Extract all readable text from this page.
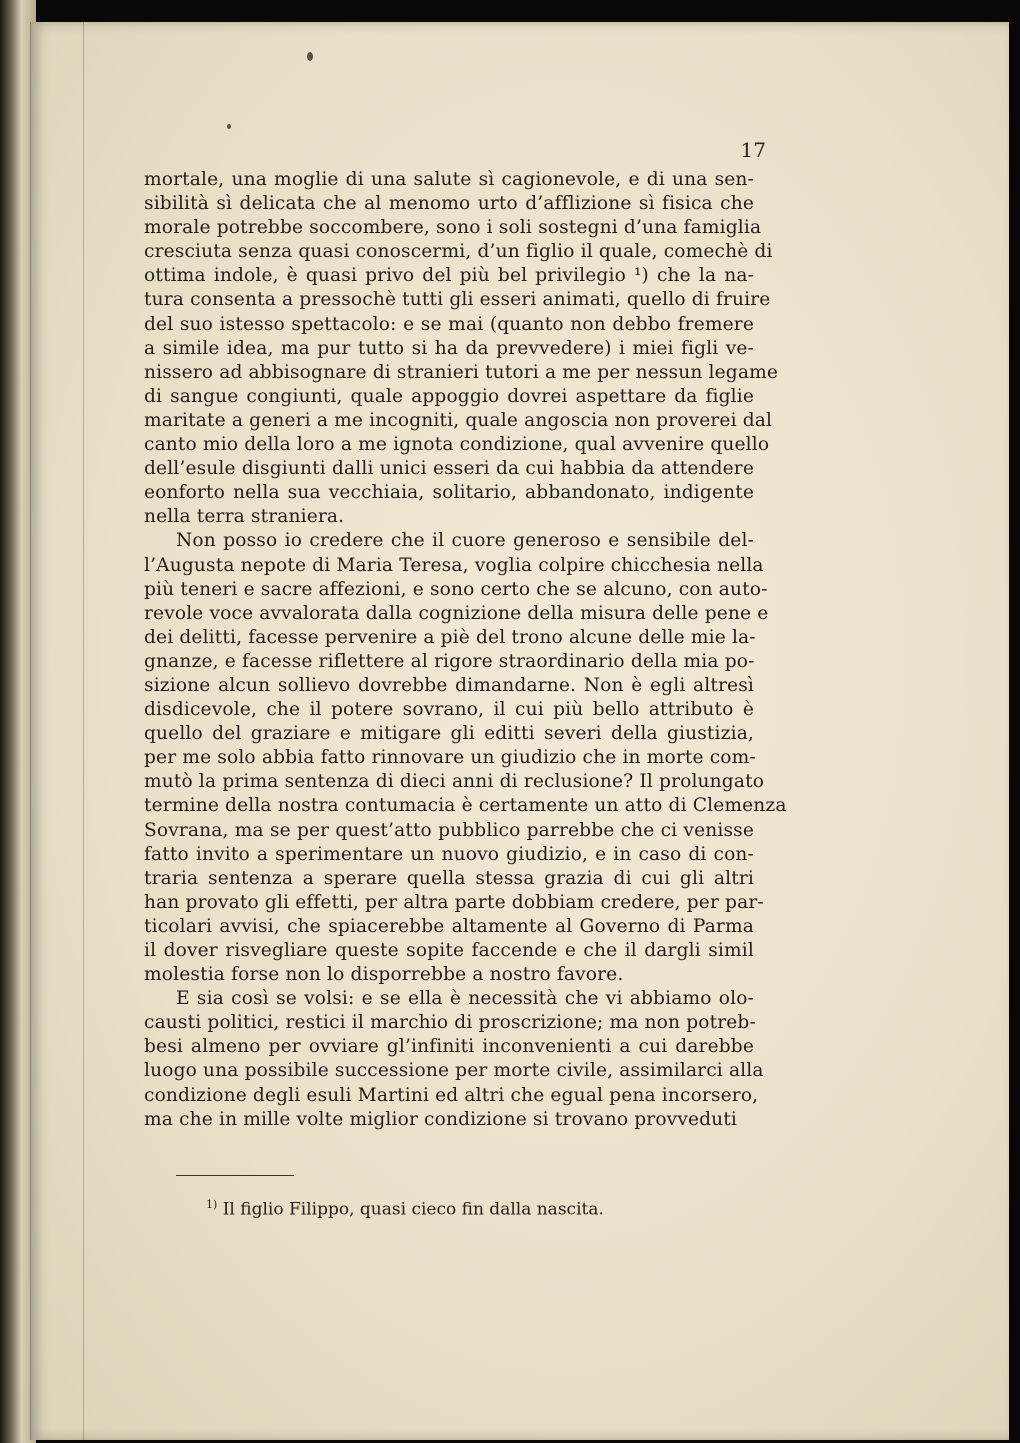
17
mortale, una moglie di una salute sì cagionevole, e di una sen-
sibilità sì delicata che al menomo urto d’afflizione sì fisica che
morale potrebbe soccombere, sono i soli sostegni d’una famiglia
cresciuta senza quasi conoscermi, d’un figlio il quale, comechè di
ottima indole, è quasi privo del più bel privilegio ¹) che la na-
tura consenta a pressochè tutti gli esseri animati, quello di fruire
del suo istesso spettacolo: e se mai (quanto non debbo fremere
a simile idea, ma pur tutto si ha da prevvedere) i miei figli ve-
nissero ad abbisognare di stranieri tutori a me per nessun legame
di sangue congiunti, quale appoggio dovrei aspettare da figlie
maritate a generi a me incogniti, quale angoscia non proverei dal
canto mio della loro a me ignota condizione, qual avvenire quello
dell’esule disgiunti dalli unici esseri da cui habbia da attendere
eonforto nella sua vecchiaia, solitario, abbandonato, indigente
nella terra straniera.
Non posso io credere che il cuore generoso e sensibile del-
l’Augusta nepote di Maria Teresa, voglia colpire chicchesia nella
più teneri e sacre affezioni, e sono certo che se alcuno, con auto-
revole voce avvalorata dalla cognizione della misura delle pene e
dei delitti, facesse pervenire a piè del trono alcune delle mie la-
gnanze, e facesse riflettere al rigore straordinario della mia po-
sizione alcun sollievo dovrebbe dimandarne. Non è egli altresì
disdicevole, che il potere sovrano, il cui più bello attributo è
quello del graziare e mitigare gli editti severi della giustizia,
per me solo abbia fatto rinnovare un giudizio che in morte com-
mutò la prima sentenza di dieci anni di reclusione? Il prolungato
termine della nostra contumacia è certamente un atto di Clemenza
Sovrana, ma se per quest’atto pubblico parrebbe che ci venisse
fatto invito a sperimentare un nuovo giudizio, e in caso di con-
traria sentenza a sperare quella stessa grazia di cui gli altri
han provato gli effetti, per altra parte dobbiam credere, per par-
ticolari avvisi, che spiacerebbe altamente al Governo di Parma
il dover risvegliare queste sopite faccende e che il dargli simil
molestia forse non lo disporrebbe a nostro favore.
E sia così se volsi: e se ella è necessità che vi abbiamo olo-
causti politici, restici il marchio di proscrizione; ma non potreb-
besi almeno per ovviare gl’infiniti inconvenienti a cui darebbe
luogo una possibile successione per morte civile, assimilarci alla
condizione degli esuli Martini ed altri che egual pena incorsero,
ma che in mille volte miglior condizione si trovano provveduti
$^{1)}$ Il figlio Filippo, quasi cieco fin dalla nascita.
